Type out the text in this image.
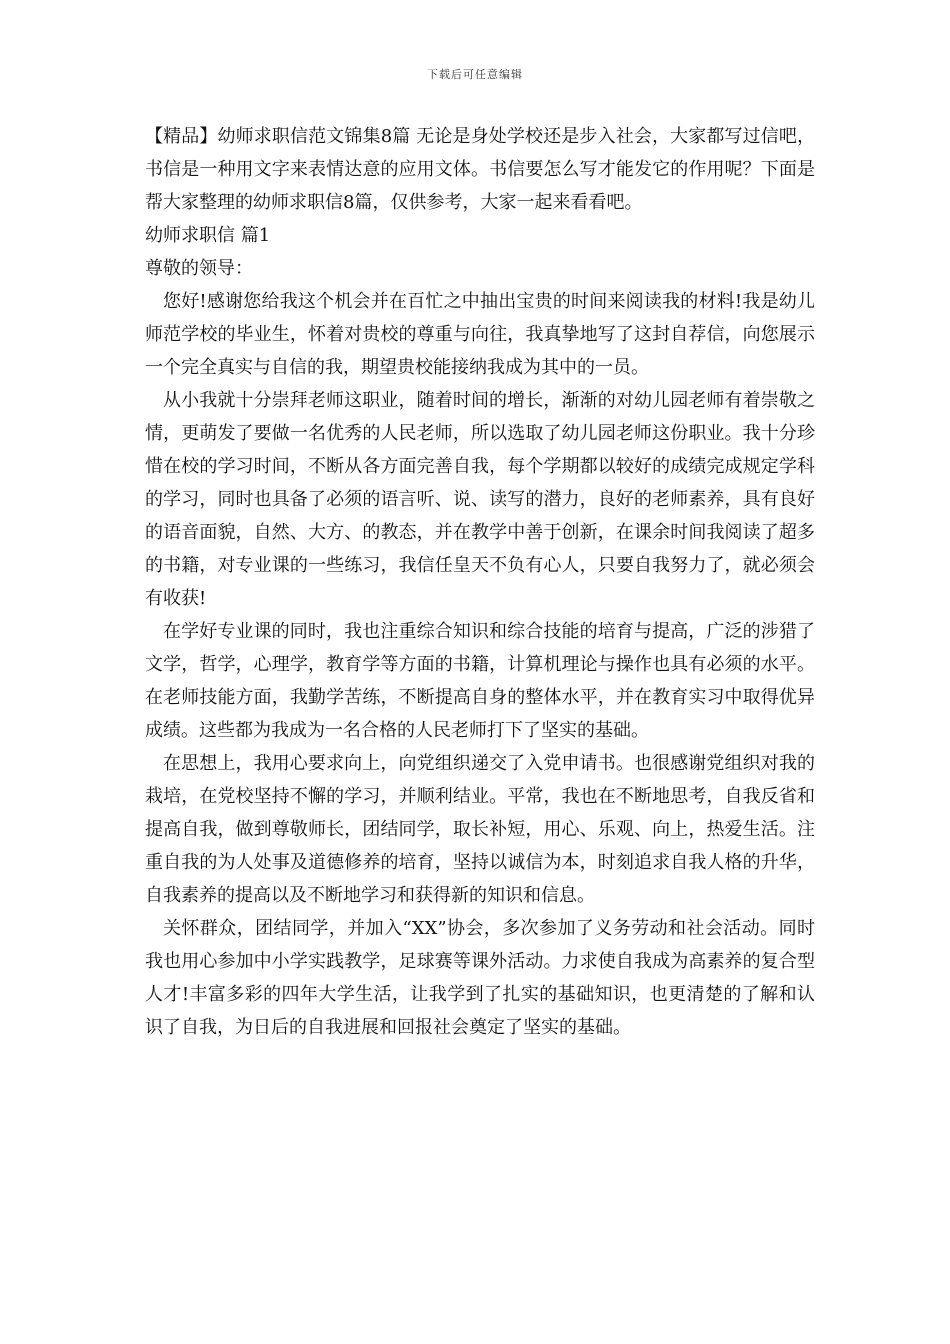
下载后可任意编辑

【精品】幼师求职信范文锦集8篇 无论是身处学校还是步入社会，大家都写过信吧，书信是一种用文字来表情达意的应用文体。书信要怎么写才能发它的作用呢？下面是帮大家整理的幼师求职信8篇，仅供参考，大家一起来看看吧。

幼师求职信 篇1

尊敬的领导：

您好!感谢您给我这个机会并在百忙之中抽出宝贵的时间来阅读我的材料!我是幼儿师范学校的毕业生，怀着对贵校的尊重与向往，我真挚地写了这封自荐信，向您展示一个完全真实与自信的我，期望贵校能接纳我成为其中的一员。

从小我就十分崇拜老师这职业，随着时间的增长，渐渐的对幼儿园老师有着崇敬之情，更萌发了要做一名优秀的人民老师，所以选取了幼儿园老师这份职业。我十分珍惜在校的学习时间，不断从各方面完善自我，每个学期都以较好的成绩完成规定学科的学习，同时也具备了必须的语言听、说、读写的潜力，良好的老师素养，具有良好的语音面貌，自然、大方、的教态，并在教学中善于创新，在课余时间我阅读了超多的书籍，对专业课的一些练习，我信任皇天不负有心人，只要自我努力了，就必须会有收获!

在学好专业课的同时，我也注重综合知识和综合技能的培育与提高，广泛的涉猎了文学，哲学，心理学，教育学等方面的书籍，计算机理论与操作也具有必须的水平。在老师技能方面，我勤学苦练，不断提高自身的整体水平，并在教育实习中取得优异成绩。这些都为我成为一名合格的人民老师打下了坚实的基础。

在思想上，我用心要求向上，向党组织递交了入党申请书。也很感谢党组织对我的栽培，在党校坚持不懈的学习，并顺利结业。平常，我也在不断地思考，自我反省和提高自我，做到尊敬师长，团结同学，取长补短，用心、乐观、向上，热爱生活。注重自我的为人处事及道德修养的培育，坚持以诚信为本，时刻追求自我人格的升华，自我素养的提高以及不断地学习和获得新的知识和信息。

关怀群众，团结同学，并加入“XX”协会，多次参加了义务劳动和社会活动。同时我也用心参加中小学实践教学，足球赛等课外活动。力求使自我成为高素养的复合型人才!丰富多彩的四年大学生活，让我学到了扎实的基础知识，也更清楚的了解和认识了自我，为日后的自我进展和回报社会奠定了坚实的基础。
